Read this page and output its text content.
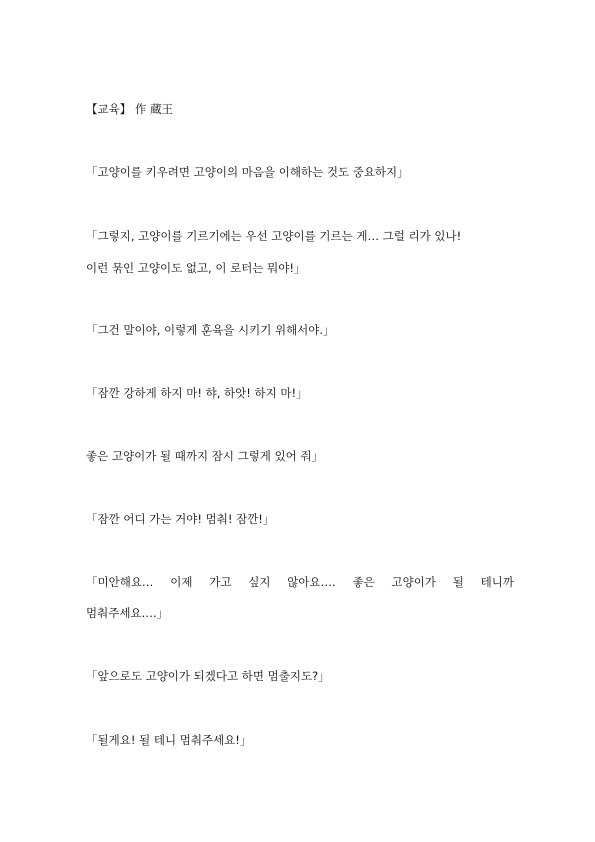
【교육】 作 蔵王
「고양이를 키우려면 고양이의 마음을 이해하는 것도 중요하지」
「그렇지, 고양이를 기르기에는 우선 고양이를 기르는 게… 그럴 리가 있나!
이런 묶인 고양이도 없고, 이 로터는 뭐야!」
「그건 말이야, 이렇게 훈육을 시키기 위해서야.」
「잠깐 강하게 하지 마! 햐, 하앗! 하지 마!」
좋은 고양이가 될 때까지 잠시 그렇게 있어 줘」
「잠깐 어디 가는 거야! 멈춰! 잠깐!」
「미안해요… 이제 가고 싶지 않아요…. 좋은 고양이가 될 테니까
멈춰주세요….」
「앞으로도 고양이가 되겠다고 하면 멈출지도?」
「될게요! 될 테니 멈춰주세요!」
